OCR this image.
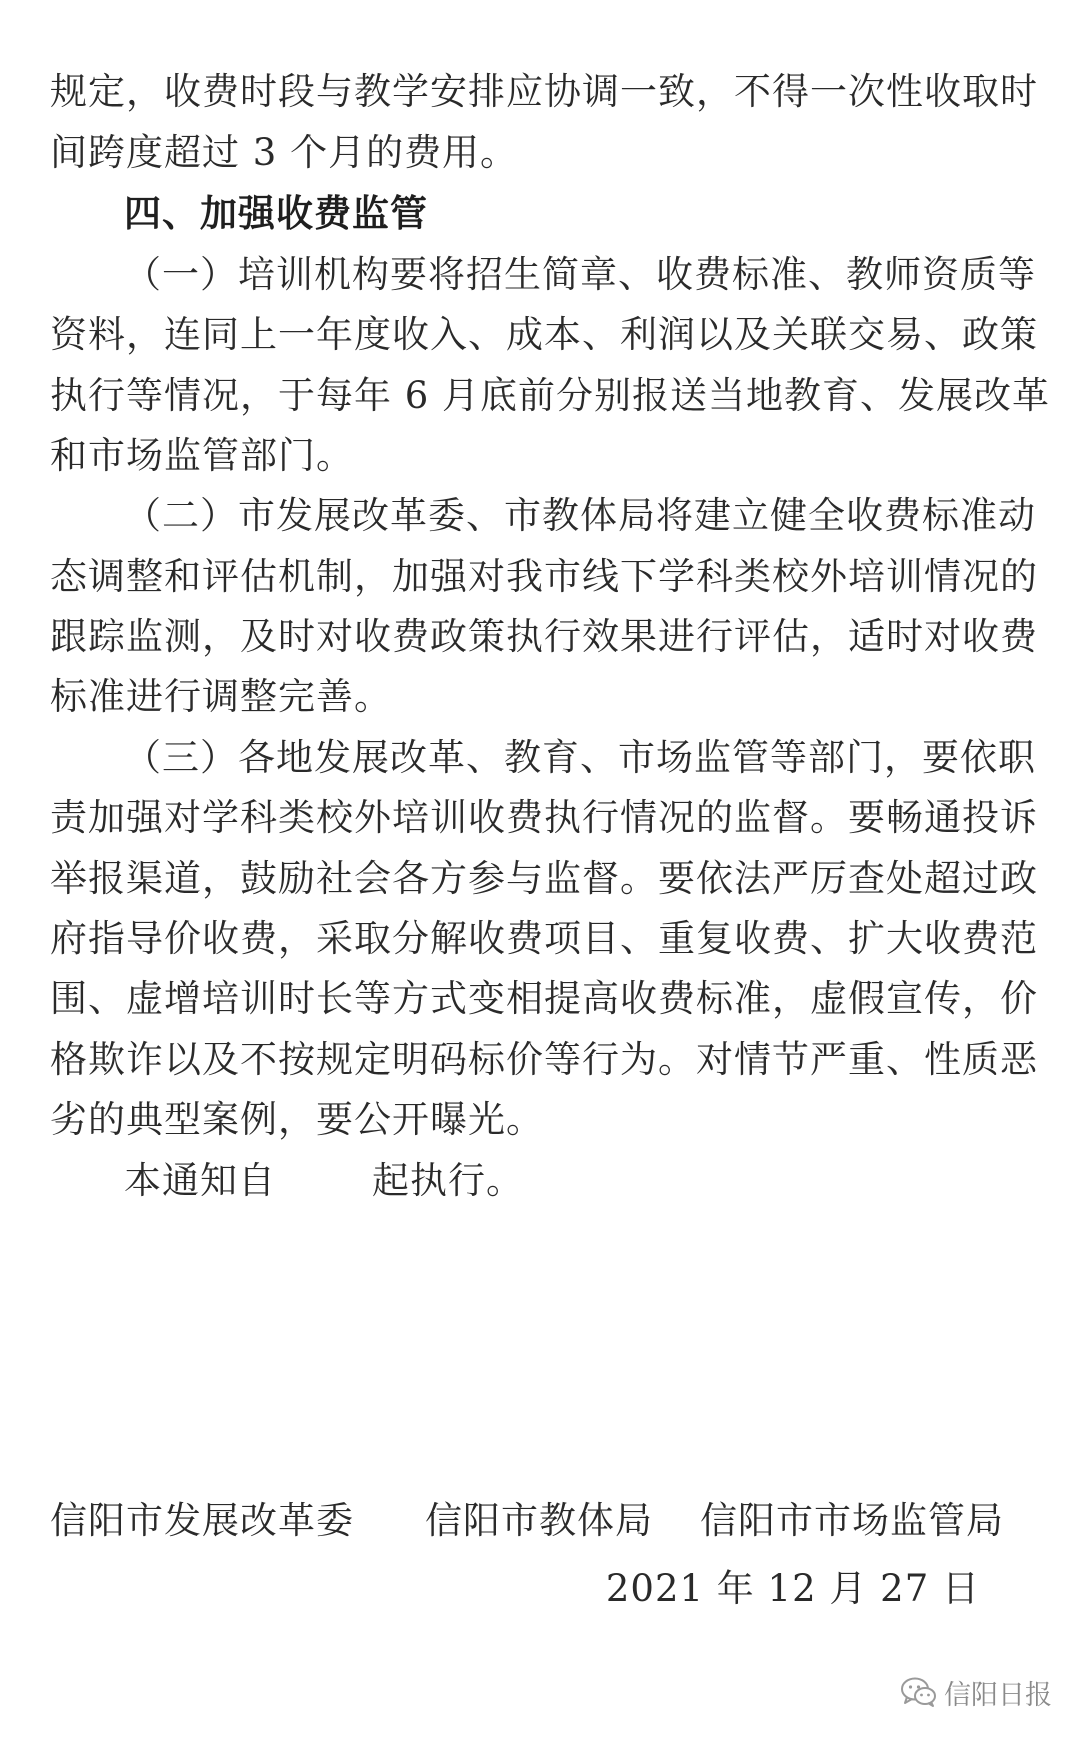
规定，收费时段与教学安排应协调一致，不得一次性收取时
间跨度超过 3 个月的费用。
四、加强收费监管
（一）培训机构要将招生简章、收费标准、教师资质等
资料，连同上一年度收入、成本、利润以及关联交易、政策
执行等情况，于每年 6 月底前分别报送当地教育、发展改革
和市场监管部门。
（二）市发展改革委、市教体局将建立健全收费标准动
态调整和评估机制，加强对我市线下学科类校外培训情况的
跟踪监测，及时对收费政策执行效果进行评估，适时对收费
标准进行调整完善。
（三）各地发展改革、教育、市场监管等部门，要依职
责加强对学科类校外培训收费执行情况的监督。要畅通投诉
举报渠道，鼓励社会各方参与监督。要依法严厉查处超过政
府指导价收费，采取分解收费项目、重复收费、扩大收费范
围、虚增培训时长等方式变相提高收费标准，虚假宣传，价
格欺诈以及不按规定明码标价等行为。对情节严重、性质恶
劣的典型案例，要公开曝光。
本通知自	起执行。
信阳市发展改革委 信阳市教体局 信阳市市场监管局
2021 年 12 月 27 日
信阳日报
